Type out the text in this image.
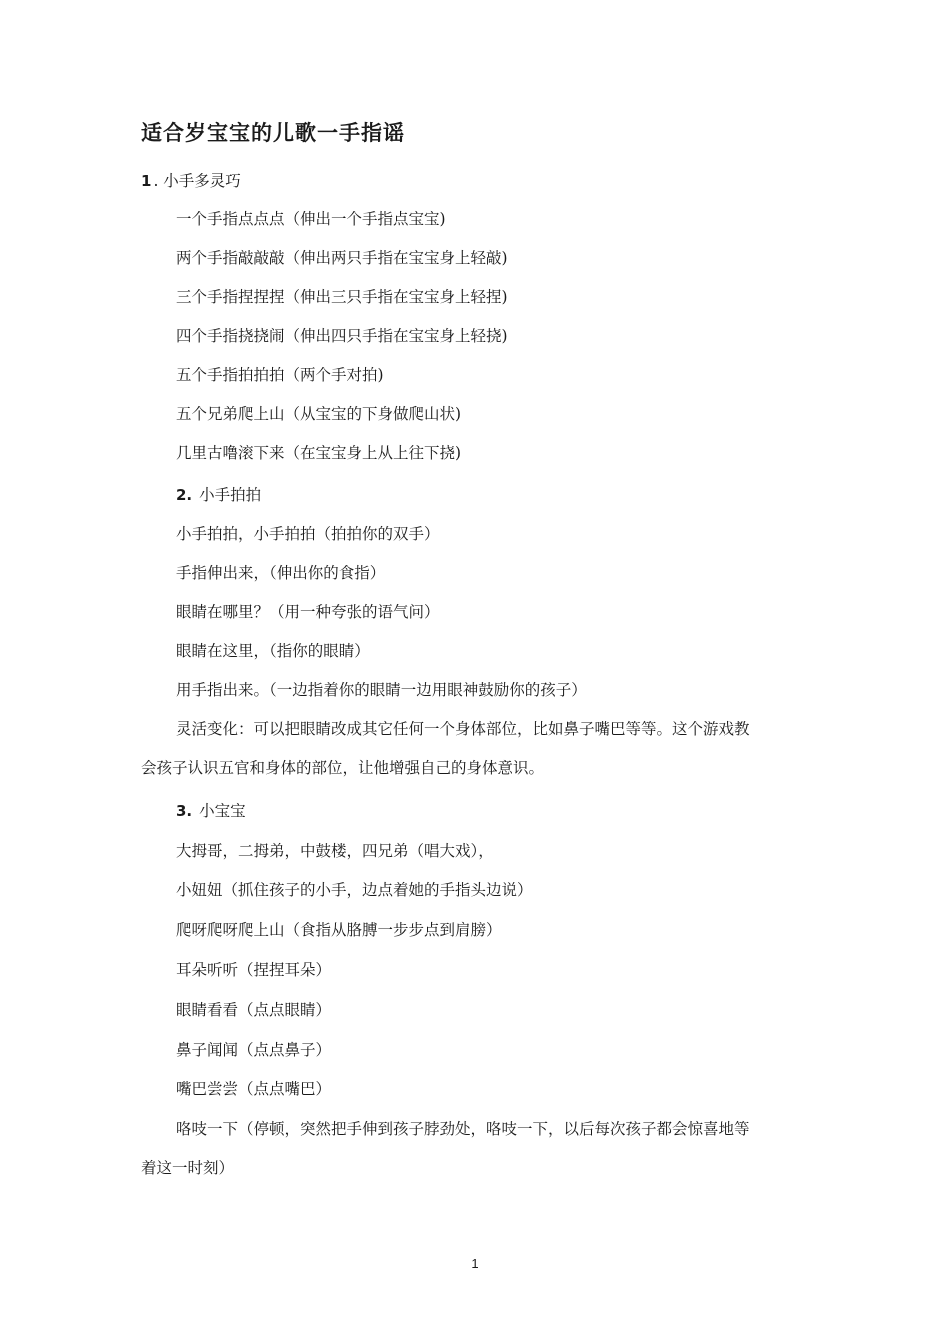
适合岁宝宝的儿歌一手指谣
1 . 小手多灵巧
一个手指点点点（伸出一个手指点宝宝)
两个手指敲敲敲（伸出两只手指在宝宝身上轻敲)
三个手指捏捏捏（伸出三只手指在宝宝身上轻捏)
四个手指挠挠闹（伸出四只手指在宝宝身上轻挠)
五个手指拍拍拍（两个手对拍)
五个兄弟爬上山（从宝宝的下身做爬山状)
几里古噜滚下来（在宝宝身上从上往下挠)
2. 小手拍拍
小手拍拍，小手拍拍（拍拍你的双手）
手指伸出来，（伸出你的食指）
眼睛在哪里？（用一种夸张的语气问）
眼睛在这里，（指你的眼睛）
用手指出来。（一边指着你的眼睛一边用眼神鼓励你的孩子）
灵活变化：可以把眼睛改成其它任何一个身体部位，比如鼻子嘴巴等等。这个游戏教
会孩子认识五官和身体的部位，让他增强自己的身体意识。
3. 小宝宝
大拇哥，二拇弟，中鼓楼，四兄弟（唱大戏），
小妞妞（抓住孩子的小手，边点着她的手指头边说）
爬呀爬呀爬上山（食指从胳膊一步步点到肩膀）
耳朵听听（捏捏耳朵）
眼睛看看（点点眼睛）
鼻子闻闻（点点鼻子）
嘴巴尝尝（点点嘴巴）
咯吱一下（停顿，突然把手伸到孩子脖劲处，咯吱一下，以后每次孩子都会惊喜地等
着这一时刻）
1
